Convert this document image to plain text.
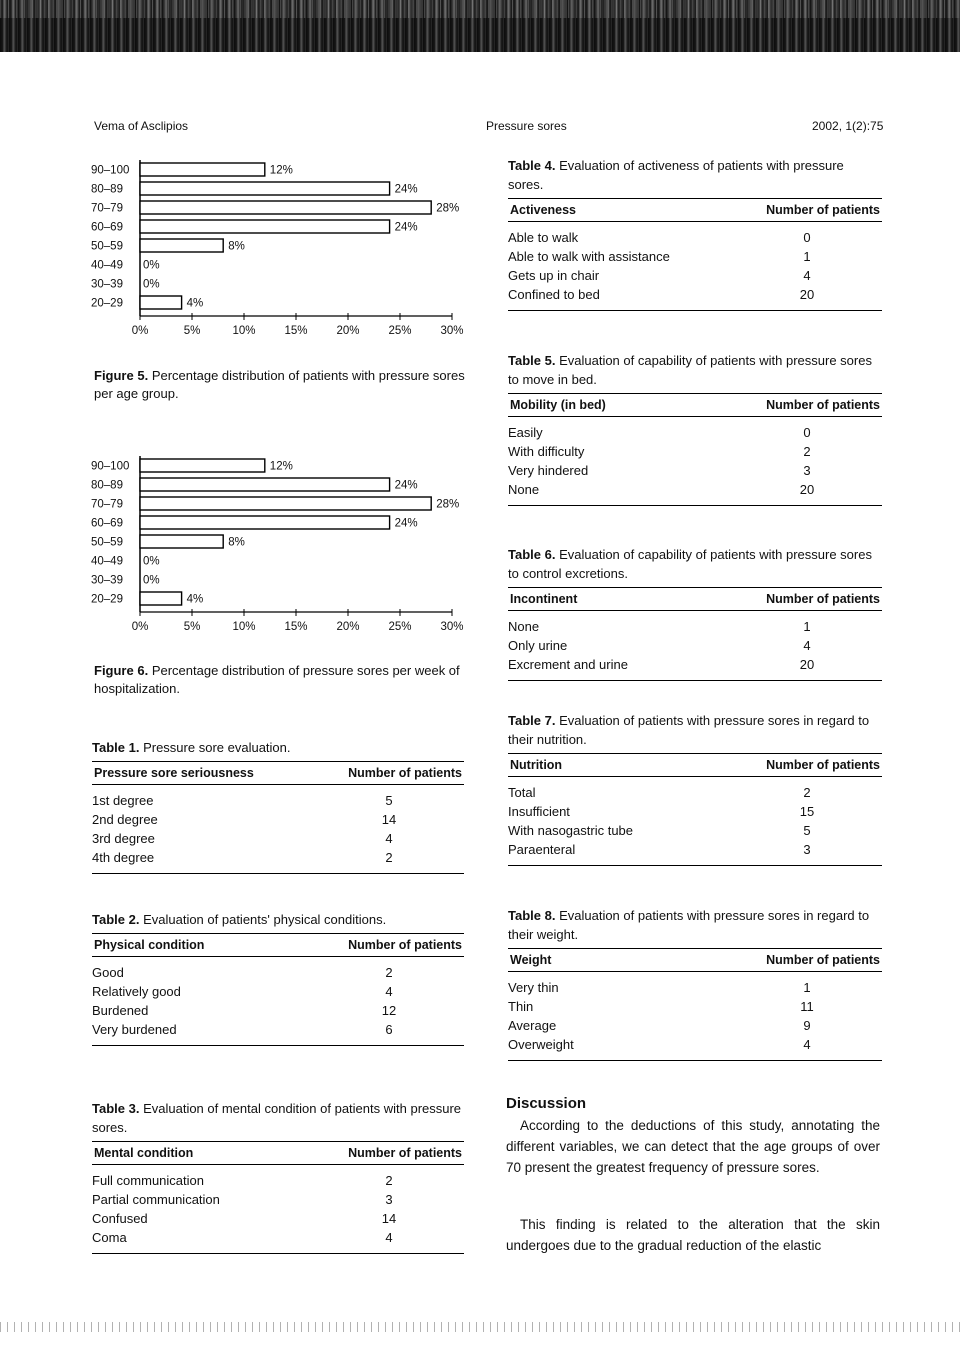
Vema of Asclipios	Pressure sores	2002, 1(2):75
90–100	12%
80–89	24%
70–79	28%
60–69	24%
50–59	8%
40–49 0%
30–39 0%
20–29	4%
0%	5%	10%	15%	20%	25%	30%
Figure 5. Percentage distribution of patients with pressure sores per age group.
90–100	12%
80–89	24%
70–79	28%
60–69	24%
50–59	8%
40–49 0%
30–39 0%
20–29	4%
0%	5%	10%	15%	20%	25%	30%
Figure 6. Percentage distribution of pressure sores per week of hospitalization.
Table 1. Pressure sore evaluation.
Pressure sore seriousness	Number of patients
1st degree	5
2nd degree	14
3rd degree	4
4th degree	2
Table 2. Evaluation of patients' physical conditions.
Physical condition	Number of patients
Good	2
Relatively good	4
Burdened	12
Very burdened	6
Table 3. Evaluation of mental condition of patients with pressure sores.
Mental condition	Number of patients
Full communication	2
Partial communication	3
Confused	14
Coma	4
Table 4. Evaluation of activeness of patients with pressure sores.
Activeness	Number of patients
Able to walk	0
Able to walk with assistance	1
Gets up in chair	4
Confined to bed	20
Table 5. Evaluation of capability of patients with pressure sores to move in bed.
Mobility (in bed)	Number of patients
Easily	0
With difficulty	2
Very hindered	3
None	20
Table 6. Evaluation of capability of patients with pressure sores to control excretions.
Incontinent	Number of patients
None	1
Only urine	4
Excrement and urine	20
Table 7. Evaluation of patients with pressure sores in regard to their nutrition.
Nutrition	Number of patients
Total	2
Insufficient	15
With nasogastric tube	5
Paraenteral	3
Table 8. Evaluation of patients with pressure sores in regard to their weight.
Weight	Number of patients
Very thin	1
Thin	11
Average	9
Overweight	4
Discussion

According to the deductions of this study, annotating the different variables, we can detect that the age groups of over 70 present the greatest frequency of pressure sores.

This finding is related to the alteration that the skin undergoes due to the gradual reduction of the elastic
